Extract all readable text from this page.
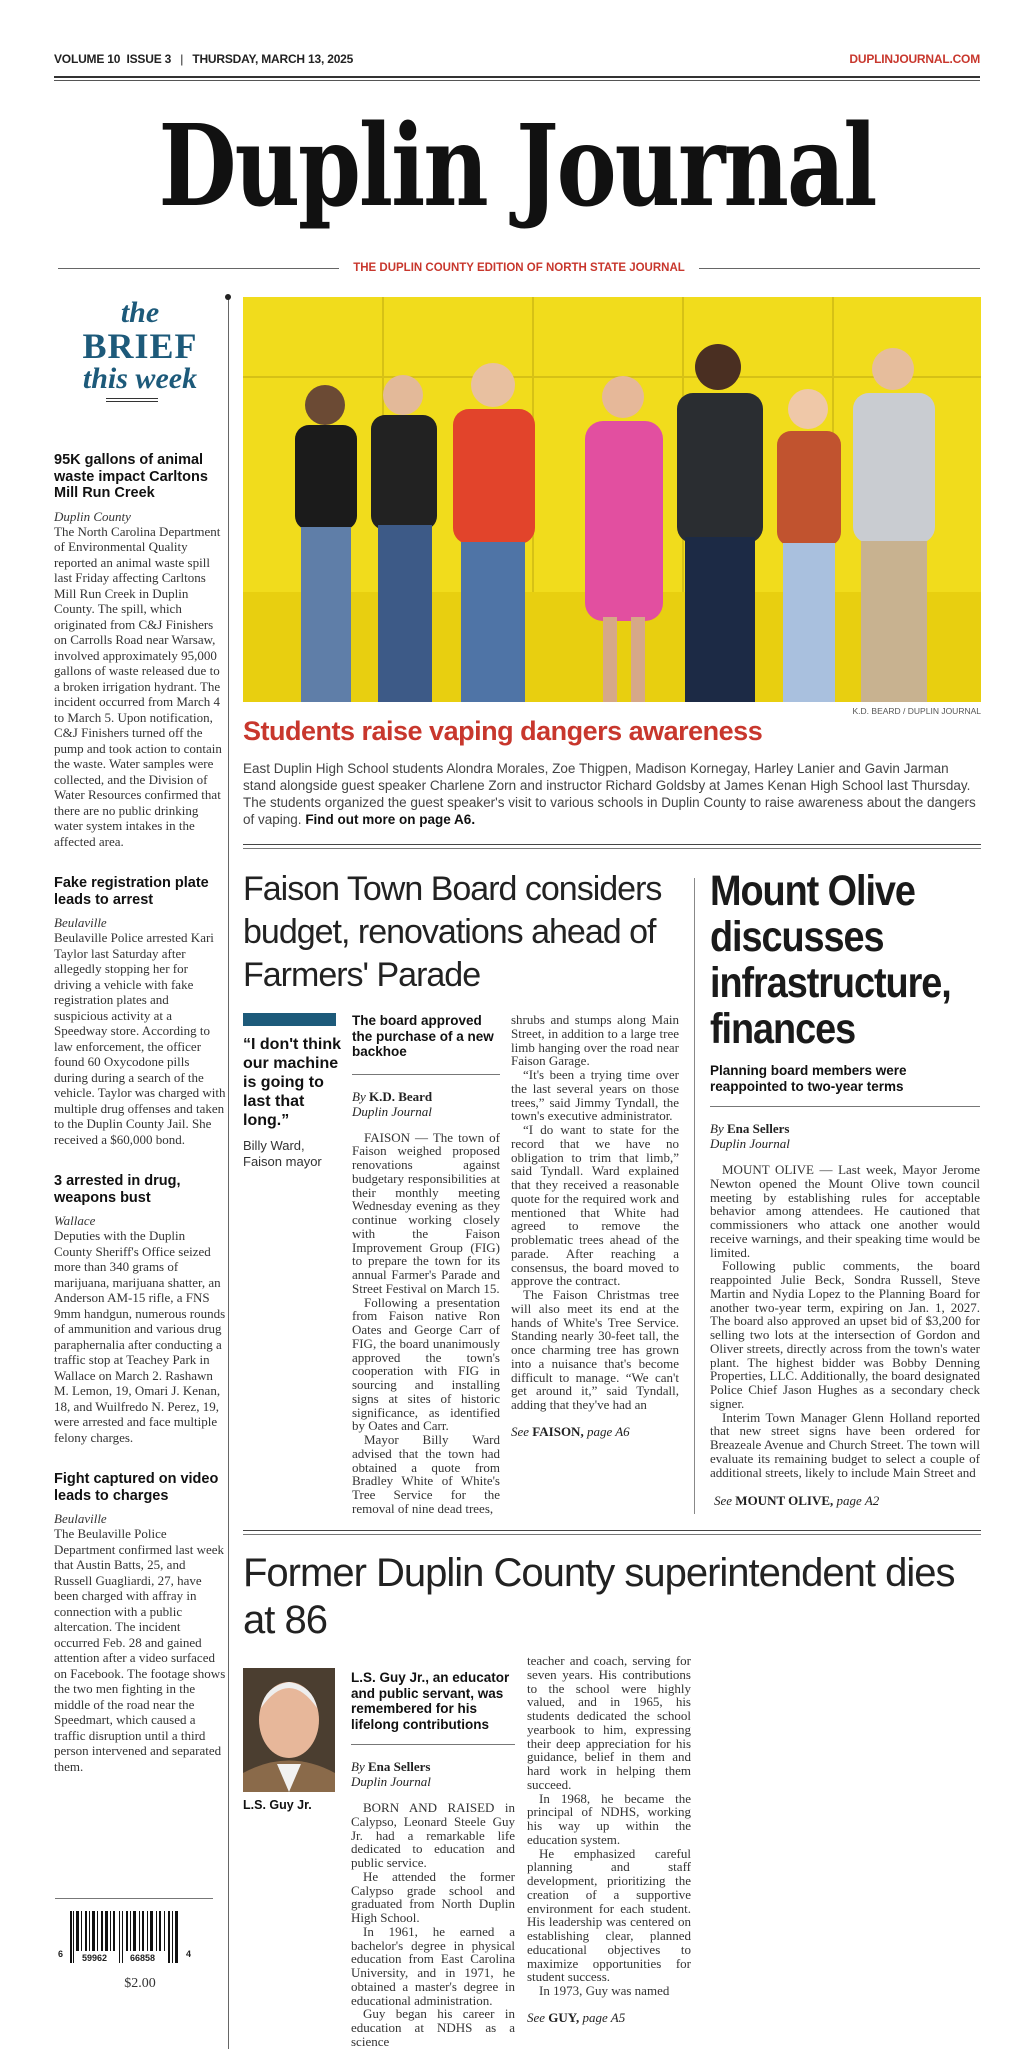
VOLUME 10  ISSUE 3 | THURSDAY, MARCH 13, 2025	DUPLINJOURNAL.COM
Duplin Journal
THE DUPLIN COUNTY EDITION OF NORTH STATE JOURNAL
the
BRIEF
this week
95K gallons of animal waste impact Carltons Mill Run Creek
Duplin County

The North Carolina Department of Environmental Quality reported an animal waste spill last Friday affecting Carltons Mill Run Creek in Duplin County. The spill, which originated from C&J Finishers on Carrolls Road near Warsaw, involved approximately 95,000 gallons of waste released due to a broken irrigation hydrant. The incident occurred from March 4 to March 5. Upon notification, C&J Finishers turned off the pump and took action to contain the waste. Water samples were collected, and the Division of Water Resources confirmed that there are no public drinking water system intakes in the affected area.

Fake registration plate leads to arrest
Beulaville

Beulaville Police arrested Kari Taylor last Saturday after allegedly stopping her for driving a vehicle with fake registration plates and suspicious activity at a Speedway store. According to law enforcement, the officer found 60 Oxycodone pills during during a search of the vehicle. Taylor was charged with multiple drug offenses and taken to the Duplin County Jail. She received a $60,000 bond.

3 arrested in drug, weapons bust
Wallace

Deputies with the Duplin County Sheriff's Office seized more than 340 grams of marijuana, marijuana shatter, an Anderson AM-15 rifle, a FNS 9mm handgun, numerous rounds of ammunition and various drug paraphernalia after conducting a traffic stop at Teachey Park in Wallace on March 2. Rashawn M. Lemon, 19, Omari J. Kenan, 18, and Wuilfredo N. Perez, 19, were arrested and face multiple felony charges.

Fight captured on video leads to charges
Beulaville

The Beulaville Police Department confirmed last week that Austin Batts, 25, and Russell Guagliardi, 27, have been charged with affray in connection with a public altercation. The incident occurred Feb. 28 and gained attention after a video surfaced on Facebook. The footage shows the two men fighting in the middle of the road near the Speedmart, which caused a traffic disruption until a third person intervened and separated them.

6 59962	66858	4
$2.00
K.D. BEARD / DUPLIN JOURNAL
Students raise vaping dangers awareness
East Duplin High School students Alondra Morales, Zoe Thigpen, Madison Kornegay, Harley Lanier and Gavin Jarman stand alongside guest speaker Charlene Zorn and instructor Richard Goldsby at James Kenan High School last Thursday. The students organized the guest speaker's visit to various schools in Duplin County to raise awareness about the dangers of vaping. Find out more on page A6.
Faison Town Board considers budget, renovations ahead of Farmers' Parade
“I don't think our machine is going to last that long.”
Billy Ward, Faison mayor
The board approved the purchase of a new backhoe
By K.D. Beard
Duplin Journal

FAISON — The town of Faison weighed proposed renovations against budgetary responsibilities at their monthly meeting Wednesday evening as they continue working closely with the Faison Improvement Group (FIG) to prepare the town for its annual Farmer's Parade and Street Festival on March 15.

Following a presentation from Faison native Ron Oates and George Carr of FIG, the board unanimously approved the town's cooperation with FIG in sourcing and installing signs at sites of historic significance, as identified by Oates and Carr.

Mayor Billy Ward advised that the town had obtained a quote from Bradley White of White's Tree Service for the removal of nine dead trees,

shrubs and stumps along Main Street, in addition to a large tree limb hanging over the road near Faison Garage.

“It's been a trying time over the last several years on those trees,” said Jimmy Tyndall, the town's executive administrator.

“I do want to state for the record that we have no obligation to trim that limb,” said Tyndall. Ward explained that they received a reasonable quote for the required work and mentioned that White had agreed to remove the problematic trees ahead of the parade. After reaching a consensus, the board moved to approve the contract.

The Faison Christmas tree will also meet its end at the hands of White's Tree Service. Standing nearly 30-feet tall, the once charming tree has grown into a nuisance that's become difficult to manage. “We can't get around it,” said Tyndall, adding that they've had an

See FAISON, page A6
Mount Olive
discusses
infrastructure,
finances
Planning board members were reappointed to two-year terms
By Ena Sellers
Duplin Journal

MOUNT OLIVE — Last week, Mayor Jerome Newton opened the Mount Olive town council meeting by establishing rules for acceptable behavior among attendees. He cautioned that commissioners who attack one another would receive warnings, and their speaking time would be limited.

Following public comments, the board reappointed Julie Beck, Sondra Russell, Steve Martin and Nydia Lopez to the Planning Board for another two-year term, expiring on Jan. 1, 2027. The board also approved an upset bid of $3,200 for selling two lots at the intersection of Gordon and Oliver streets, directly across from the town's water plant. The highest bidder was Bobby Denning Properties, LLC. Additionally, the board designated Police Chief Jason Hughes as a secondary check signer.

Interim Town Manager Glenn Holland reported that new street signs have been ordered for Breazeale Avenue and Church Street. The town will evaluate its remaining budget to select a couple of additional streets, likely to include Main Street and

See MOUNT OLIVE, page A2
Former Duplin County superintendent dies at 86
L.S. Guy Jr.
L.S. Guy Jr., an educator and public servant, was remembered for his lifelong contributions
By Ena Sellers
Duplin Journal

BORN AND RAISED in Calypso, Leonard Steele Guy Jr. had a remarkable life dedicated to education and public service.

He attended the former Calypso grade school and graduated from North Duplin High School.

In 1961, he earned a bachelor's degree in physical education from East Carolina University, and in 1971, he obtained a master's degree in educational administration.

Guy began his career in education at NDHS as a science

teacher and coach, serving for seven years. His contributions to the school were highly valued, and in 1965, his students dedicated the school yearbook to him, expressing their deep appreciation for his guidance, belief in them and hard work in helping them succeed.

In 1968, he became the principal of NDHS, working his way up within the education system.

He emphasized careful planning and staff development, prioritizing the creation of a supportive environment for each student. His leadership was centered on establishing clear, planned educational objectives to maximize opportunities for student success.

In 1973, Guy was named

See GUY, page A5
